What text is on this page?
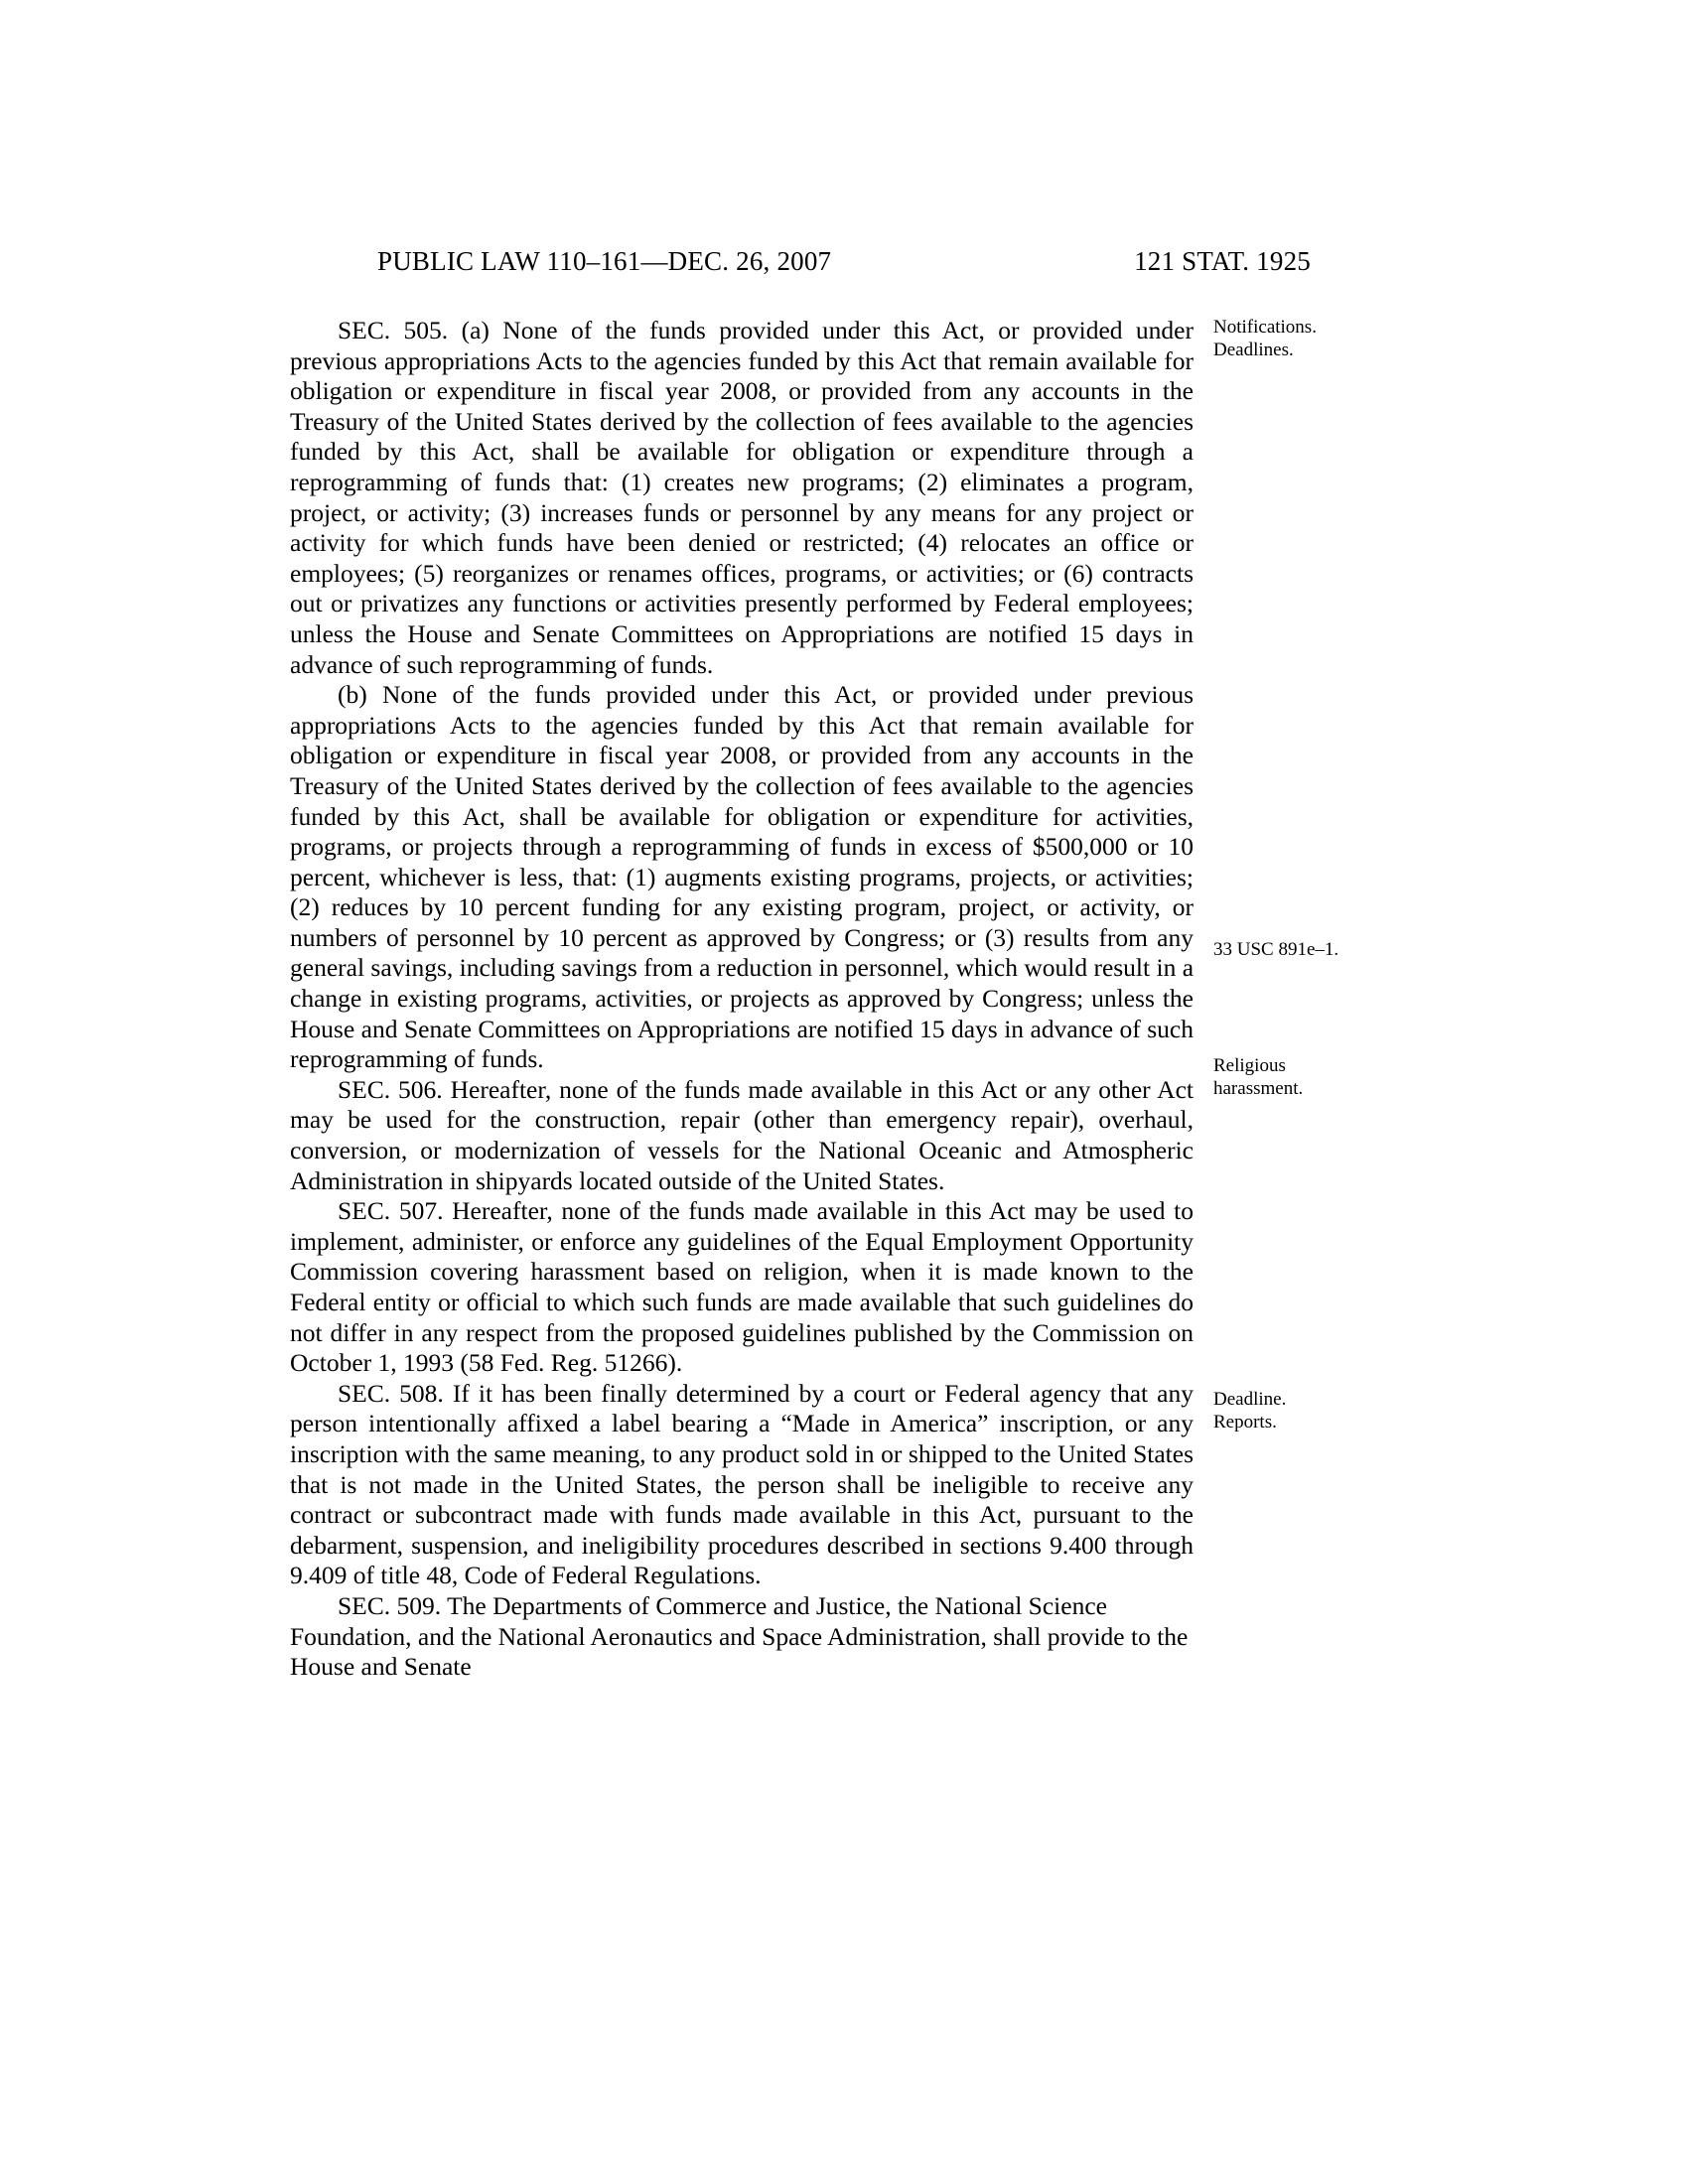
PUBLIC LAW 110–161—DEC. 26, 2007	121 STAT. 1925

SEC. 505. (a) None of the funds provided under this Act, or provided under previous appropriations Acts to the agencies funded by this Act that remain available for obligation or expenditure in fiscal year 2008, or provided from any accounts in the Treasury of the United States derived by the collection of fees available to the agencies funded by this Act, shall be available for obligation or expenditure through a reprogramming of funds that: (1) creates new programs; (2) eliminates a program, project, or activity; (3) increases funds or personnel by any means for any project or activity for which funds have been denied or restricted; (4) relocates an office or employees; (5) reorganizes or renames offices, programs, or activities; or (6) contracts out or privatizes any functions or activities presently performed by Federal employees; unless the House and Senate Committees on Appropriations are notified 15 days in advance of such reprogramming of funds.

(b) None of the funds provided under this Act, or provided under previous appropriations Acts to the agencies funded by this Act that remain available for obligation or expenditure in fiscal year 2008, or provided from any accounts in the Treasury of the United States derived by the collection of fees available to the agencies funded by this Act, shall be available for obligation or expenditure for activities, programs, or projects through a reprogramming of funds in excess of $500,000 or 10 percent, whichever is less, that: (1) augments existing programs, projects, or activities; (2) reduces by 10 percent funding for any existing program, project, or activity, or numbers of personnel by 10 percent as approved by Congress; or (3) results from any general savings, including savings from a reduction in personnel, which would result in a change in existing programs, activities, or projects as approved by Congress; unless the House and Senate Committees on Appropriations are notified 15 days in advance of such reprogramming of funds.

SEC. 506. Hereafter, none of the funds made available in this Act or any other Act may be used for the construction, repair (other than emergency repair), overhaul, conversion, or modernization of vessels for the National Oceanic and Atmospheric Administration in shipyards located outside of the United States.

SEC. 507. Hereafter, none of the funds made available in this Act may be used to implement, administer, or enforce any guidelines of the Equal Employment Opportunity Commission covering harassment based on religion, when it is made known to the Federal entity or official to which such funds are made available that such guidelines do not differ in any respect from the proposed guidelines published by the Commission on October 1, 1993 (58 Fed. Reg. 51266).

SEC. 508. If it has been finally determined by a court or Federal agency that any person intentionally affixed a label bearing a “Made in America” inscription, or any inscription with the same meaning, to any product sold in or shipped to the United States that is not made in the United States, the person shall be ineligible to receive any contract or subcontract made with funds made available in this Act, pursuant to the debarment, suspension, and ineligibility procedures described in sections 9.400 through 9.409 of title 48, Code of Federal Regulations.

SEC. 509. The Departments of Commerce and Justice, the National Science Foundation, and the National Aeronautics and Space Administration, shall provide to the House and Senate

Notifications.
Deadlines.
33 USC 891e–1.
Religious
harassment.
Deadline.
Reports.
